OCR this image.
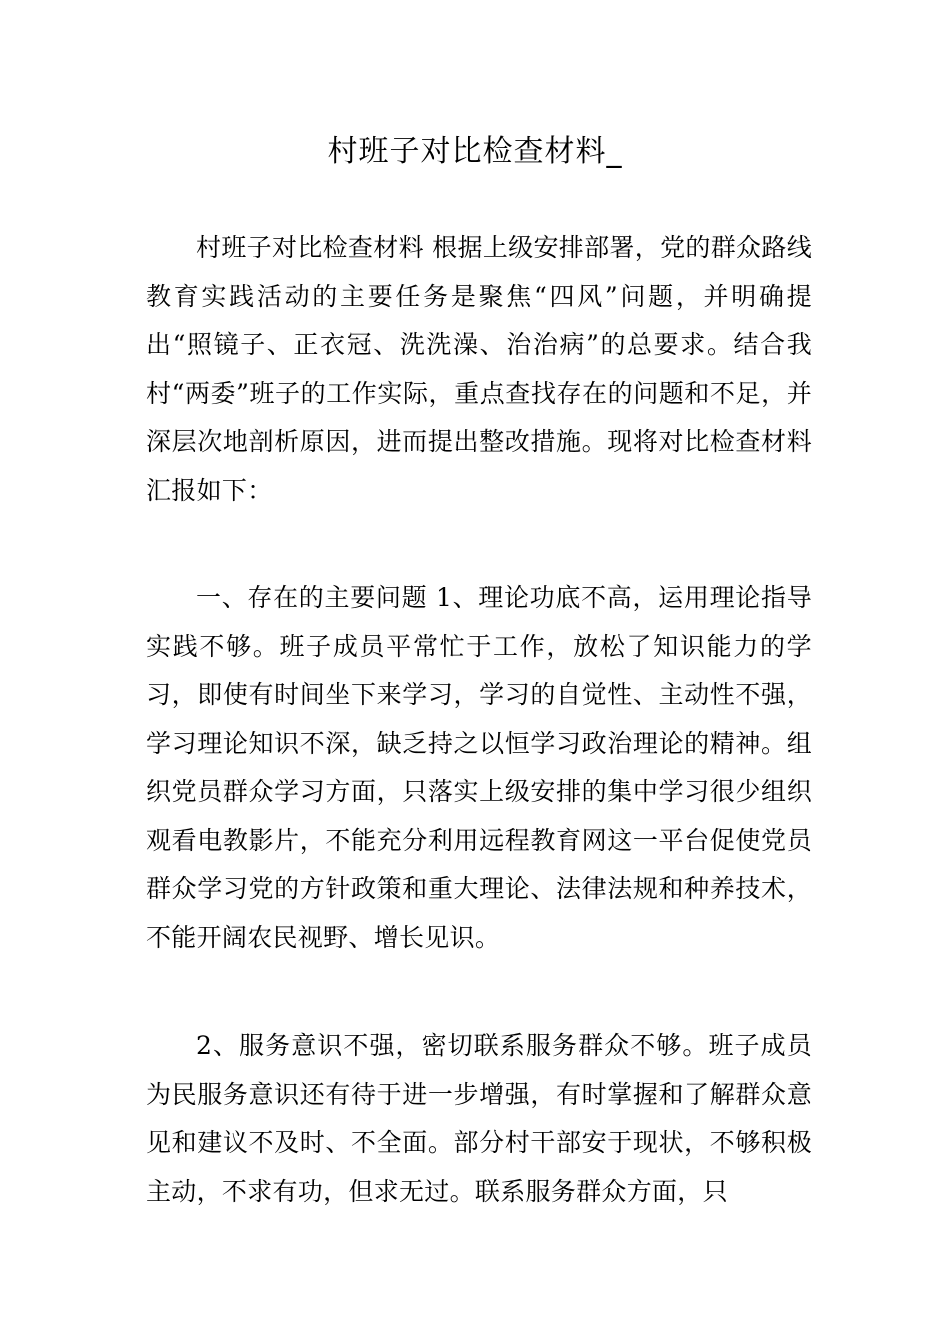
村班子对比检查材料_

村班子对比检查材料 根据上级安排部署，党的群众路线教育实践活动的主要任务是聚焦“四风”问题，并明确提出“照镜子、正衣冠、洗洗澡、治治病”的总要求。结合我村“两委”班子的工作实际，重点查找存在的问题和不足，并深层次地剖析原因，进而提出整改措施。现将对比检查材料汇报如下：

一、存在的主要问题 1、理论功底不高，运用理论指导实践不够。班子成员平常忙于工作，放松了知识能力的学习，即使有时间坐下来学习，学习的自觉性、主动性不强，学习理论知识不深，缺乏持之以恒学习政治理论的精神。组织党员群众学习方面，只落实上级安排的集中学习很少组织观看电教影片，不能充分利用远程教育网这一平台促使党员群众学习党的方针政策和重大理论、法律法规和种养技术，不能开阔农民视野、增长见识。

2、服务意识不强，密切联系服务群众不够。班子成员为民服务意识还有待于进一步增强，有时掌握和了解群众意见和建议不及时、不全面。部分村干部安于现状，不够积极主动，不求有功，但求无过。联系服务群众方面，只
